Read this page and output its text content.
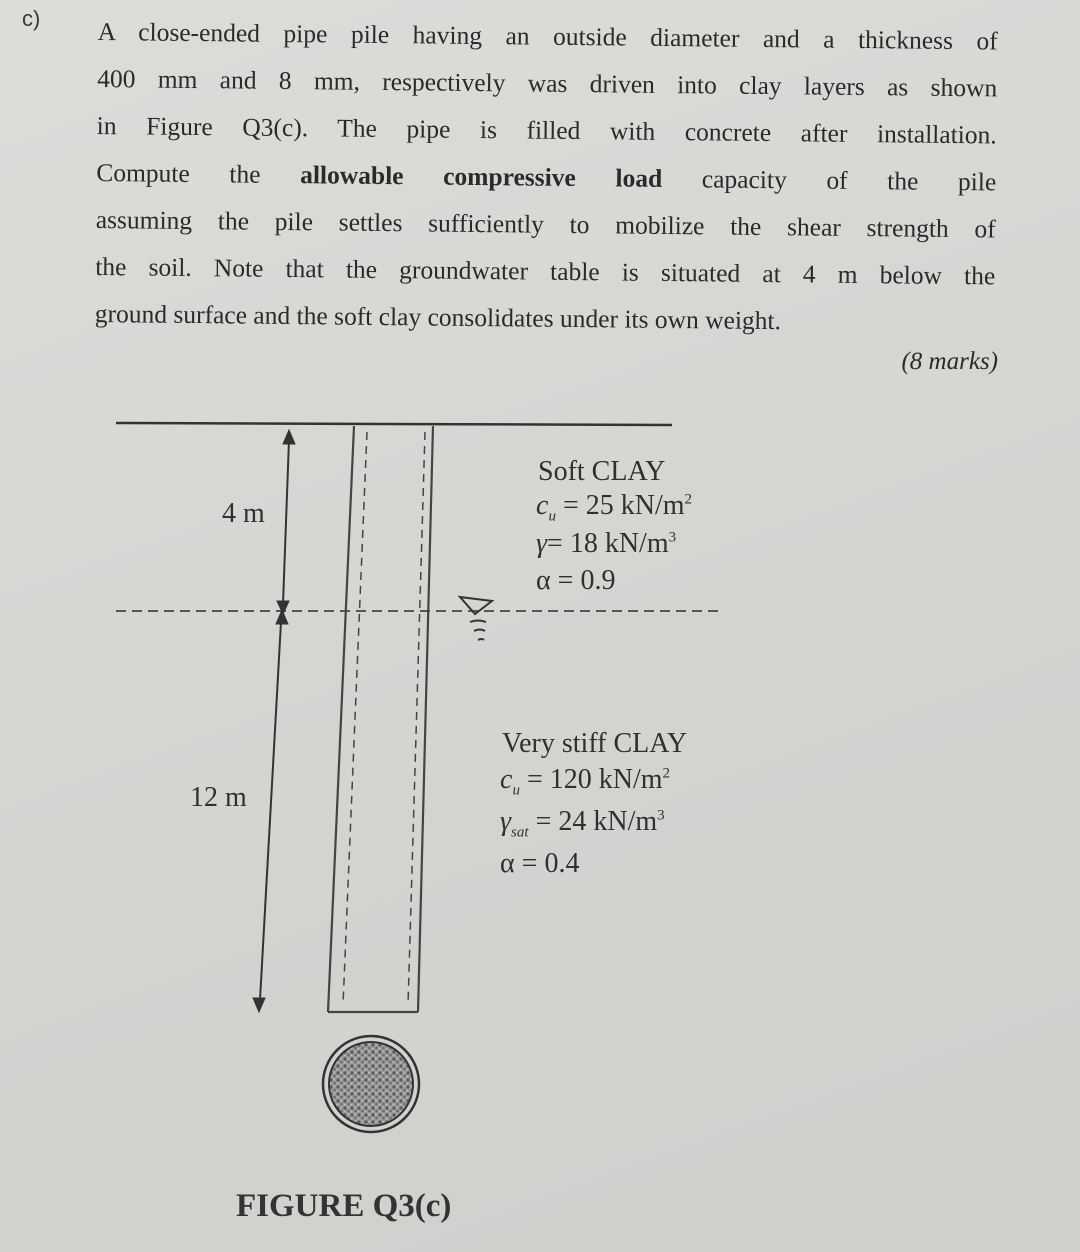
c) A close-ended pipe pile having an outside diameter and a thickness of
400 mm and 8 mm, respectively was driven into clay layers as shown
in Figure Q3(c). The pipe is filled with concrete after installation.
Compute the allowable compressive load capacity of the pile
assuming the pile settles sufficiently to mobilize the shear strength of
the soil. Note that the groundwater table is situated at 4 m below the
ground surface and the soft clay consolidates under its own weight.
(8 marks)
4 m
12 m
Soft CLAY
$c_u = 25$ $kN/m^2$
γ= 18 $kN/m^3$
α = 0.9
Very stiff CLAY
$c_u = 120$ $kN/m^2$
$\gamma_{sat} = 24$ $kN/m^3$
α = 0.4
FIGURE Q3(c)
